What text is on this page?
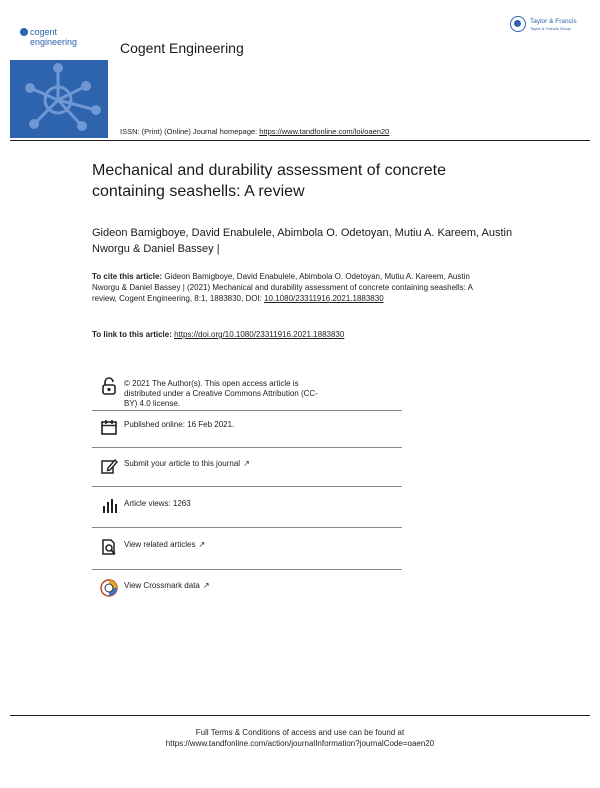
cogent
engineering	Cogent Engineering
Taylor & Francis
Taylor & Francis Group
ISSN: (Print) (Online) Journal homepage: https://www.tandfonline.com/loi/oaen20
Mechanical and durability assessment of concrete containing seashells: A review
Gideon Bamigboye, David Enabulele, Abimbola O. Odetoyan, Mutiu A. Kareem, Austin Nworgu & Daniel Bassey |
To cite this article: Gideon Bamigboye, David Enabulele, Abimbola O. Odetoyan, Mutiu A. Kareem, Austin Nworgu & Daniel Bassey | (2021) Mechanical and durability assessment of concrete containing seashells: A review, Cogent Engineering, 8:1, 1883830, DOI: 10.1080/23311916.2021.1883830
To link to this article: https://doi.org/10.1080/23311916.2021.1883830
© 2021 The Author(s). This open access article is distributed under a Creative Commons Attribution (CC-BY) 4.0 license.
Published online: 16 Feb 2021.
Submit your article to this journal ↗
Article views: 1263
View related articles ↗
View Crossmark data ↗
Full Terms & Conditions of access and use can be found at
https://www.tandfonline.com/action/journalInformation?journalCode=oaen20
